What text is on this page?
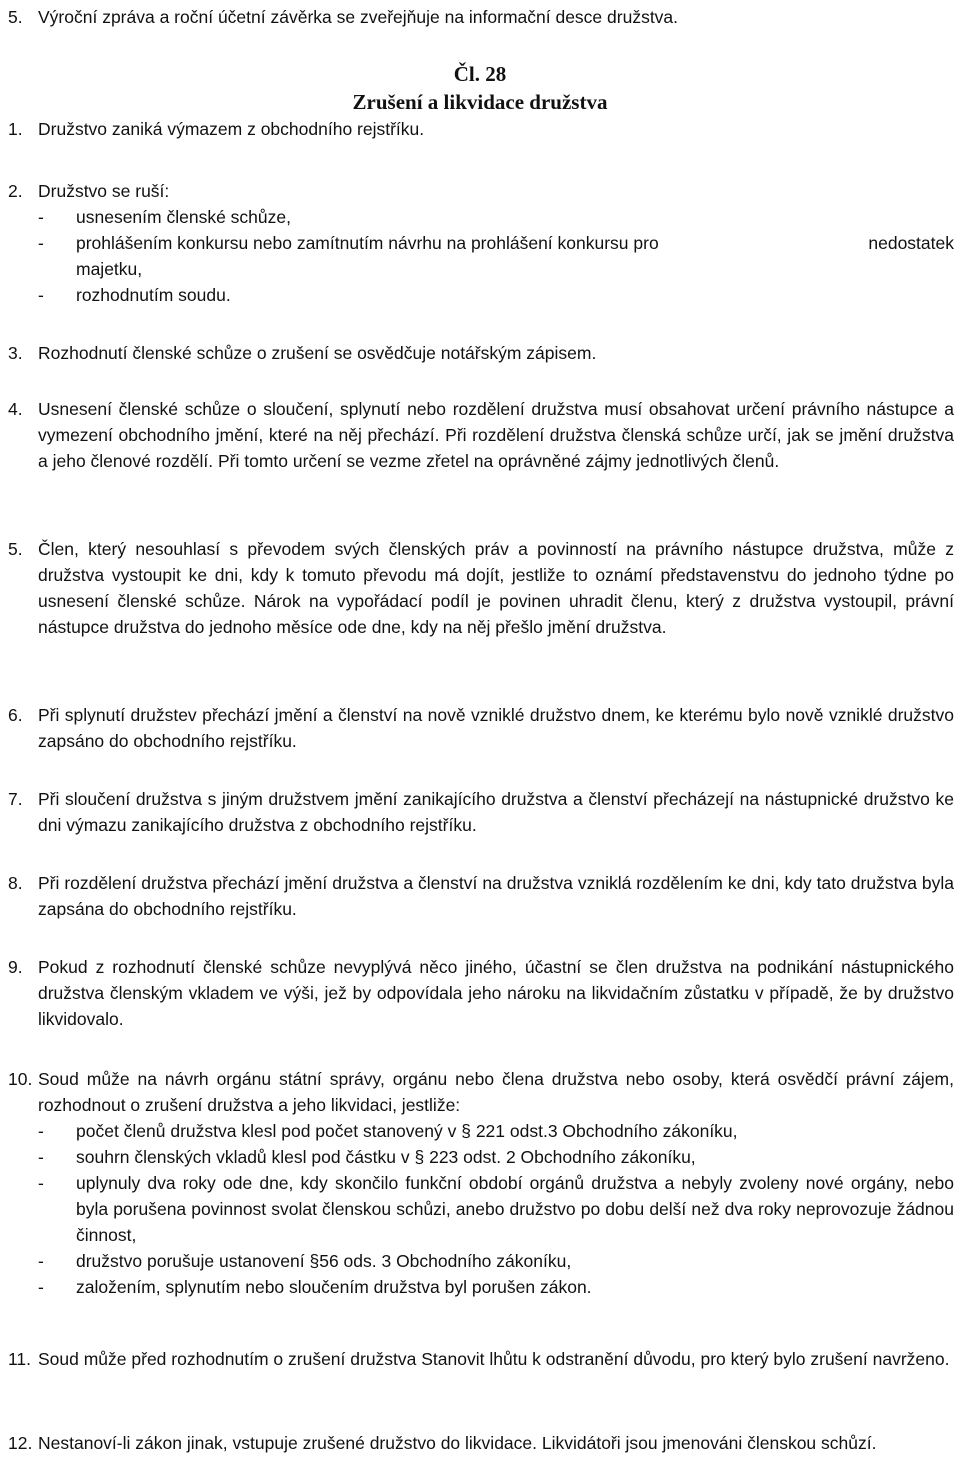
5. Výroční zpráva a roční účetní závěrka se zveřejňuje na informační desce družstva.
Čl. 28
Zrušení a likvidace družstva
1. Družstvo zaniká výmazem z obchodního rejstříku.
2. Družstvo se ruší:
- usnesením členské schůze,
- prohlášením konkursu nebo zamítnutím návrhu na prohlášení konkursu pro	nedostatek
majetku,
- rozhodnutím soudu.
3. Rozhodnutí členské schůze o zrušení se osvědčuje notářským zápisem.
4. Usnesení členské schůze o sloučení, splynutí nebo rozdělení družstva musí obsahovat určení právního nástupce a vymezení obchodního jmění, které na něj přechází. Při rozdělení družstva členská schůze určí, jak se jmění družstva a jeho členové rozdělí. Při tomto určení se vezme zřetel na oprávněné zájmy jednotlivých členů.
5. Člen, který nesouhlasí s převodem svých členských práv a povinností na právního nástupce družstva, může z družstva vystoupit ke dni, kdy k tomuto převodu má dojít, jestliže to oznámí představenstvu do jednoho týdne po usnesení členské schůze. Nárok na vypořádací podíl je povinen uhradit členu, který z družstva vystoupil, právní nástupce družstva do jednoho měsíce ode dne, kdy na něj přešlo jmění družstva.
6. Při splynutí družstev přechází jmění a členství na nově vzniklé družstvo dnem, ke kterému bylo nově vzniklé družstvo zapsáno do obchodního rejstříku.
7. Při sloučení družstva s jiným družstvem jmění zanikajícího družstva a členství přecházejí na nástupnické družstvo ke dni výmazu zanikajícího družstva z obchodního rejstříku.
8. Při rozdělení družstva přechází jmění družstva a členství na družstva vzniklá rozdělením ke dni, kdy tato družstva byla zapsána do obchodního rejstříku.
9. Pokud z rozhodnutí členské schůze nevyplývá něco jiného, účastní se člen družstva na podnikání nástupnického družstva členským vkladem ve výši, jež by odpovídala jeho nároku na likvidačním zůstatku v případě, že by družstvo likvidovalo.
10. Soud může na návrh orgánu státní správy, orgánu nebo člena družstva nebo osoby, která osvědčí právní zájem, rozhodnout o zrušení družstva a jeho likvidaci, jestliže:
- počet členů družstva klesl pod počet stanovený v § 221 odst.3 Obchodního zákoníku,
- souhrn členských vkladů klesl pod částku v § 223 odst. 2 Obchodního zákoníku,
- uplynuly dva roky ode dne, kdy skončilo funkční období orgánů družstva a nebyly zvoleny nové orgány, nebo byla porušena povinnost svolat členskou schůzi, anebo družstvo po dobu delší než dva roky neprovozuje žádnou činnost,
- družstvo porušuje ustanovení §56 ods. 3 Obchodního zákoníku,
- založením, splynutím nebo sloučením družstva byl porušen zákon.
11. Soud může před rozhodnutím o zrušení družstva Stanovit lhůtu k odstranění důvodu, pro který bylo zrušení navrženo.
12. Nestanoví-li zákon jinak, vstupuje zrušené družstvo do likvidace. Likvidátoři jsou jmenováni členskou schůzí.
